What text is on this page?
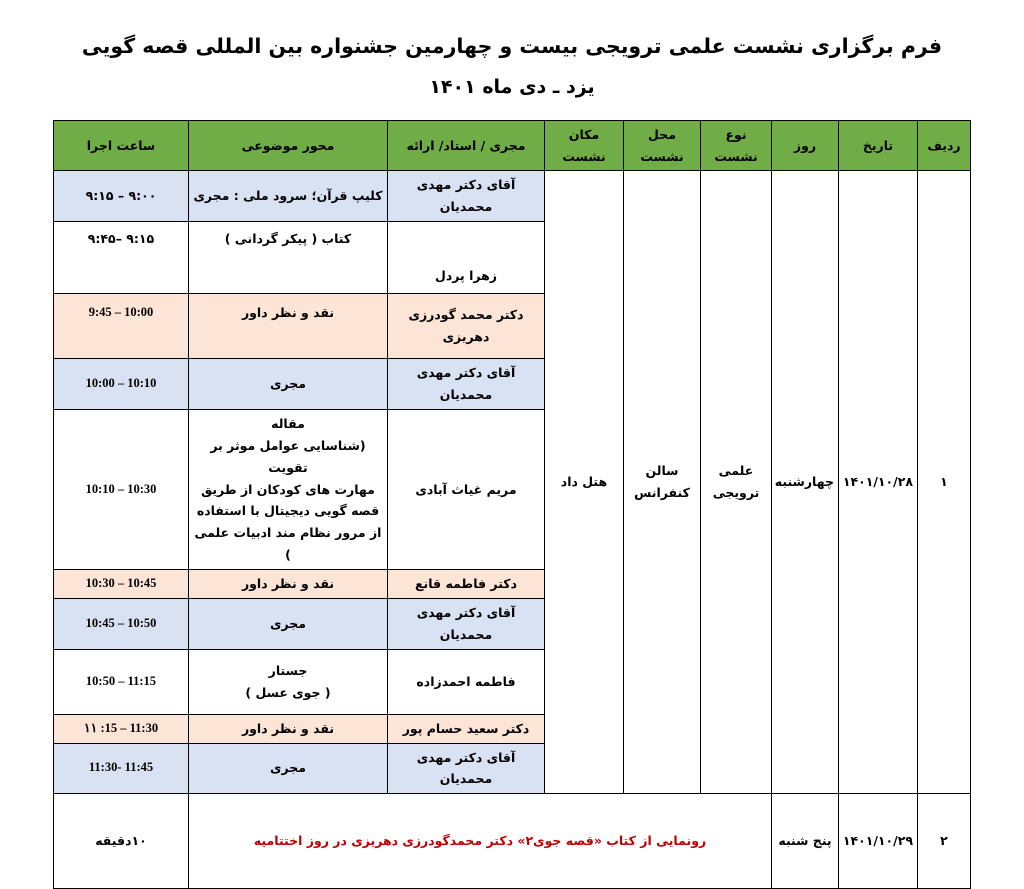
فرم برگزاری نشست علمی ترویجی بیست و چهارمین جشنواره بین المللی قصه گویی
یزد ـ دی ماه ۱۴۰۱
ردیف	تاریخ	روز	نوع نشست	محل نشست	مکان نشست	مجری / استاد/ ارائه	محور موضوعی	ساعت اجرا
۱	۱۴۰۱/۱۰/۲۸	چهارشنبه	علمی
ترویجی	سالن
کنفرانس	هتل داد	آقای دکتر مهدی محمدیان	کلیپ قرآن؛ سرود ملی : مجری	۹:۰۰ – ۹:۱۵
						زهرا پردل	کتاب ( پیکر گردانی )	۹:۱۵ –۹:۴۵

						دکتر محمد گودرزی
دهریزی	نقد و نظر داور	9:45 – 10:00
						آقای دکتر مهدی محمدیان	مجری	10:00 – 10:10
						مریم غیاث آبادی	مقاله
(شناسایی عوامل موثر بر تقویت
مهارت های کودکان از طریق
قصه گویی دیجیتال با استفاده
از مرور نظام مند ادبیات علمی )	10:10 – 10:30
						دکتر فاطمه قانع	نقد و نظر داور	10:30 – 10:45
						آقای دکتر مهدی محمدیان	مجری	10:45 – 10:50
						فاطمه احمدزاده	جستار
( جوی عسل )	10:50 – 11:15
						دکتر سعید حسام پور	نقد و نظر داور	۱۱ :15 – 11:30
						آقای دکتر مهدی محمدیان	مجری	11:30- 11:45
۲	۱۴۰۱/۱۰/۲۹	پنج شنبه	رونمایی از کتاب «قصه جوی۲» دکتر محمدگودرزی دهریزی در روز اختتامیه					۱۰دقیقه
